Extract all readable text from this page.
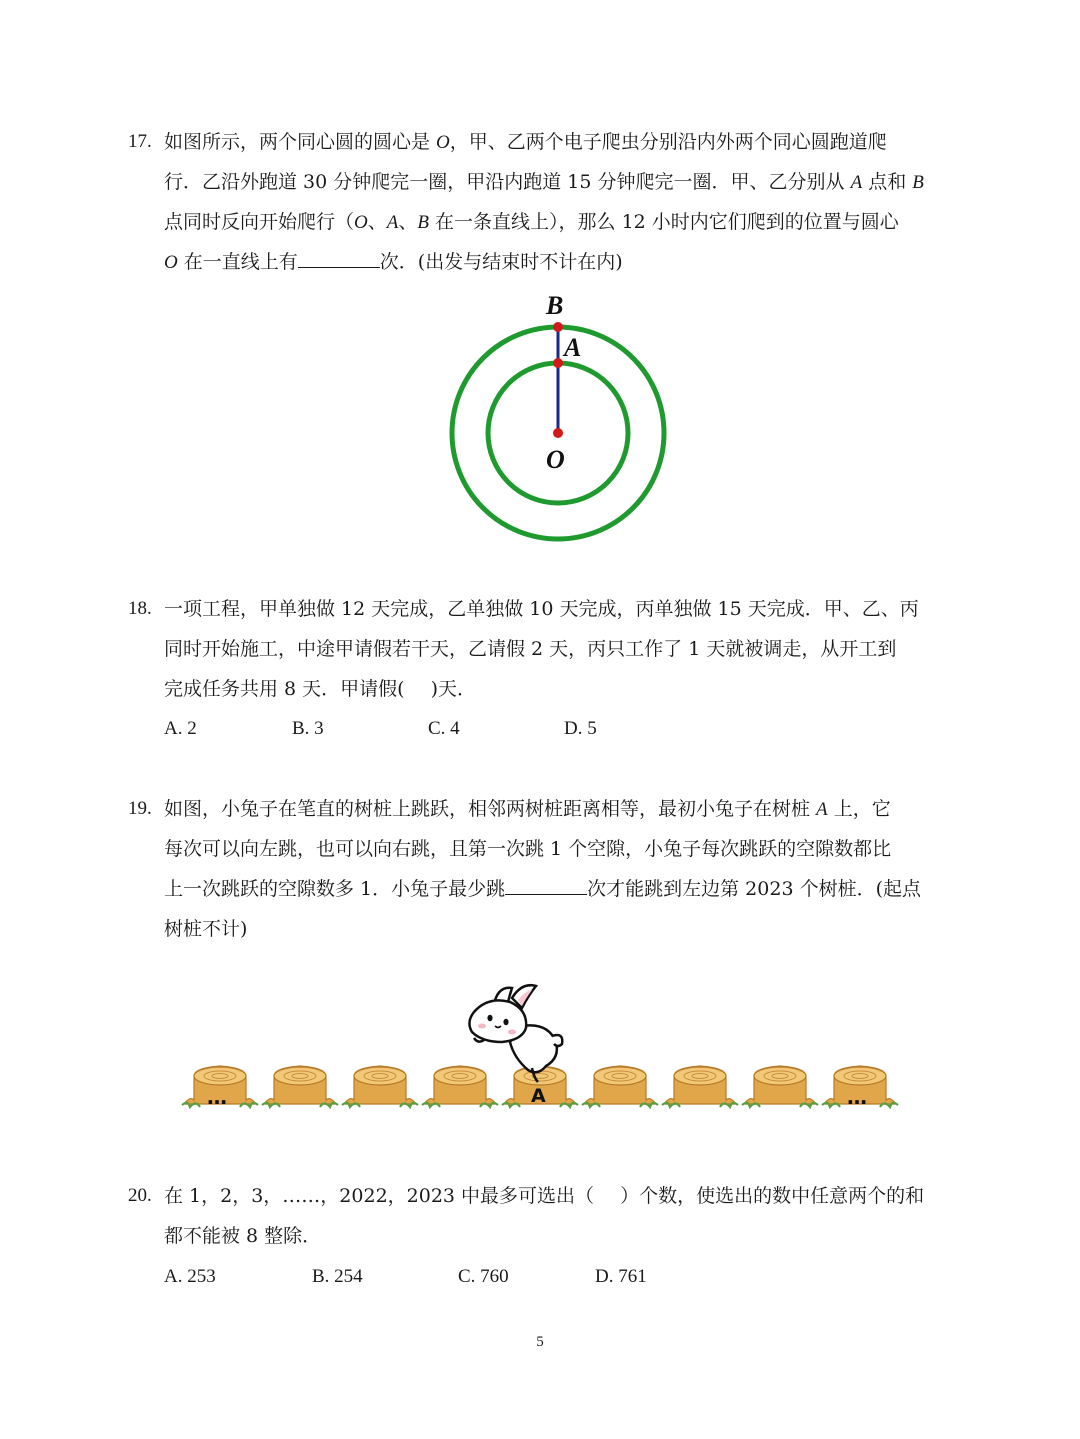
17. 如图所示，两个同心圆的圆心是 O，甲、乙两个电子爬虫分别沿内外两个同心圆跑道爬
行．乙沿外跑道 30 分钟爬完一圈，甲沿内跑道 15 分钟爬完一圈．甲、乙分别从 A 点和 B
点同时反向开始爬行（O、A、B 在一条直线上），那么 12 小时内它们爬到的位置与圆心
O 在一直线上有	次．(出发与结束时不计在内)
B
A
O
18. 一项工程，甲单独做 12 天完成，乙单独做 10 天完成，丙单独做 15 天完成．甲、乙、丙
同时开始施工，中途甲请假若干天，乙请假 2 天，丙只工作了 1 天就被调走，从开工到
完成任务共用 8 天．甲请假( )天．
A. 2	B. 3	C. 4	D. 5
19. 如图，小兔子在笔直的树桩上跳跃，相邻两树桩距离相等，最初小兔子在树桩 A 上，它
每次可以向左跳，也可以向右跳，且第一次跳 1 个空隙，小兔子每次跳跃的空隙数都比
上一次跳跃的空隙数多 1．小兔子最少跳	次才能跳到左边第 2023 个树桩．(起点
树桩不计)
…	A	…
20. 在 1，2，3，……，2022，2023 中最多可选出（ ）个数，使选出的数中任意两个的和
都不能被 8 整除．
A. 253	B. 254	C. 760	D. 761
5
